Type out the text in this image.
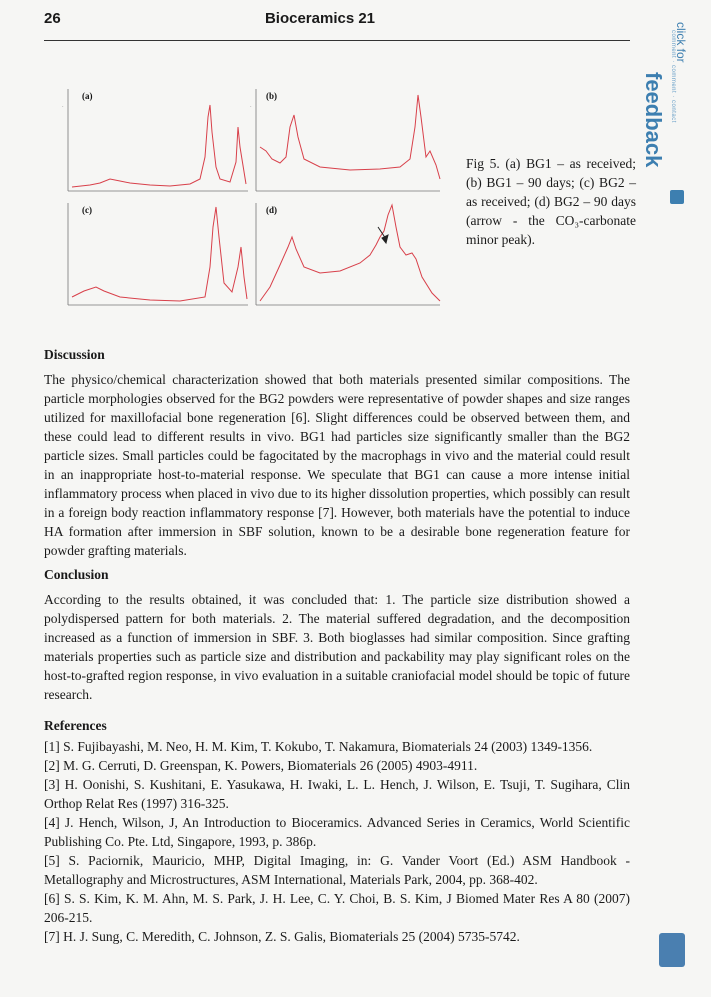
26	Bioceramics 21
-	-
(a)	(b)
(c)	(d)
Fig 5. (a) BG1 – as received; (b) BG1 – 90 days; (c) BG2 – as received; (d) BG2 – 90 days (arrow - the CO₃-carbonate minor peak).
Discussion

The physico/chemical characterization showed that both materials presented similar compositions. The particle morphologies observed for the BG2 powders were representative of powder shapes and size ranges utilized for maxillofacial bone regeneration [6]. Slight differences could be observed between them, and these could lead to different results in vivo. BG1 had particles size significantly smaller than the BG2 particle sizes. Small particles could be fagocitated by the macrophags in vivo and the material could result in an inappropriate host-to-material response. We speculate that BG1 can cause a more intense initial inflammatory process when placed in vivo due to its higher dissolution properties, which possibly can result in a foreign body reaction inflammatory response [7]. However, both materials have the potential to induce HA formation after immersion in SBF solution, known to be a desirable bone regeneration feature for powder grafting materials.

Conclusion

According to the results obtained, it was concluded that: 1. The particle size distribution showed a polydispersed pattern for both materials. 2. The material suffered degradation, and the decomposition increased as a function of immersion in SBF. 3. Both bioglasses had similar composition. Since grafting materials properties such as particle size and distribution and packability may play significant roles on the host-to-grafted region response, in vivo evaluation in a suitable craniofacial model should be topic of future research.

References

[1] S. Fujibayashi, M. Neo, H. M. Kim, T. Kokubo, T. Nakamura, Biomaterials 24 (2003) 1349-1356.

[2] M. G. Cerruti, D. Greenspan, K. Powers, Biomaterials 26 (2005) 4903-4911.

[3] H. Oonishi, S. Kushitani, E. Yasukawa, H. Iwaki, L. L. Hench, J. Wilson, E. Tsuji, T. Sugihara, Clin Orthop Relat Res (1997) 316-325.

[4] J. Hench, Wilson, J, An Introduction to Bioceramics. Advanced Series in Ceramics, World Scientific Publishing Co. Pte. Ltd, Singapore, 1993, p. 386p.

[5] S. Paciornik, Mauricio, MHP, Digital Imaging, in: G. Vander Voort (Ed.) ASM Handbook - Metallography and Microstructures, ASM International, Materials Park, 2004, pp. 368-402.

[6] S. S. Kim, K. M. Ahn, M. S. Park, J. H. Lee, C. Y. Choi, B. S. Kim, J Biomed Mater Res A 80 (2007) 206-215.

[7] H. J. Sung, C. Meredith, C. Johnson, Z. S. Galis, Biomaterials 25 (2004) 5735-5742.

click for
comment · comment · contact
feedback
